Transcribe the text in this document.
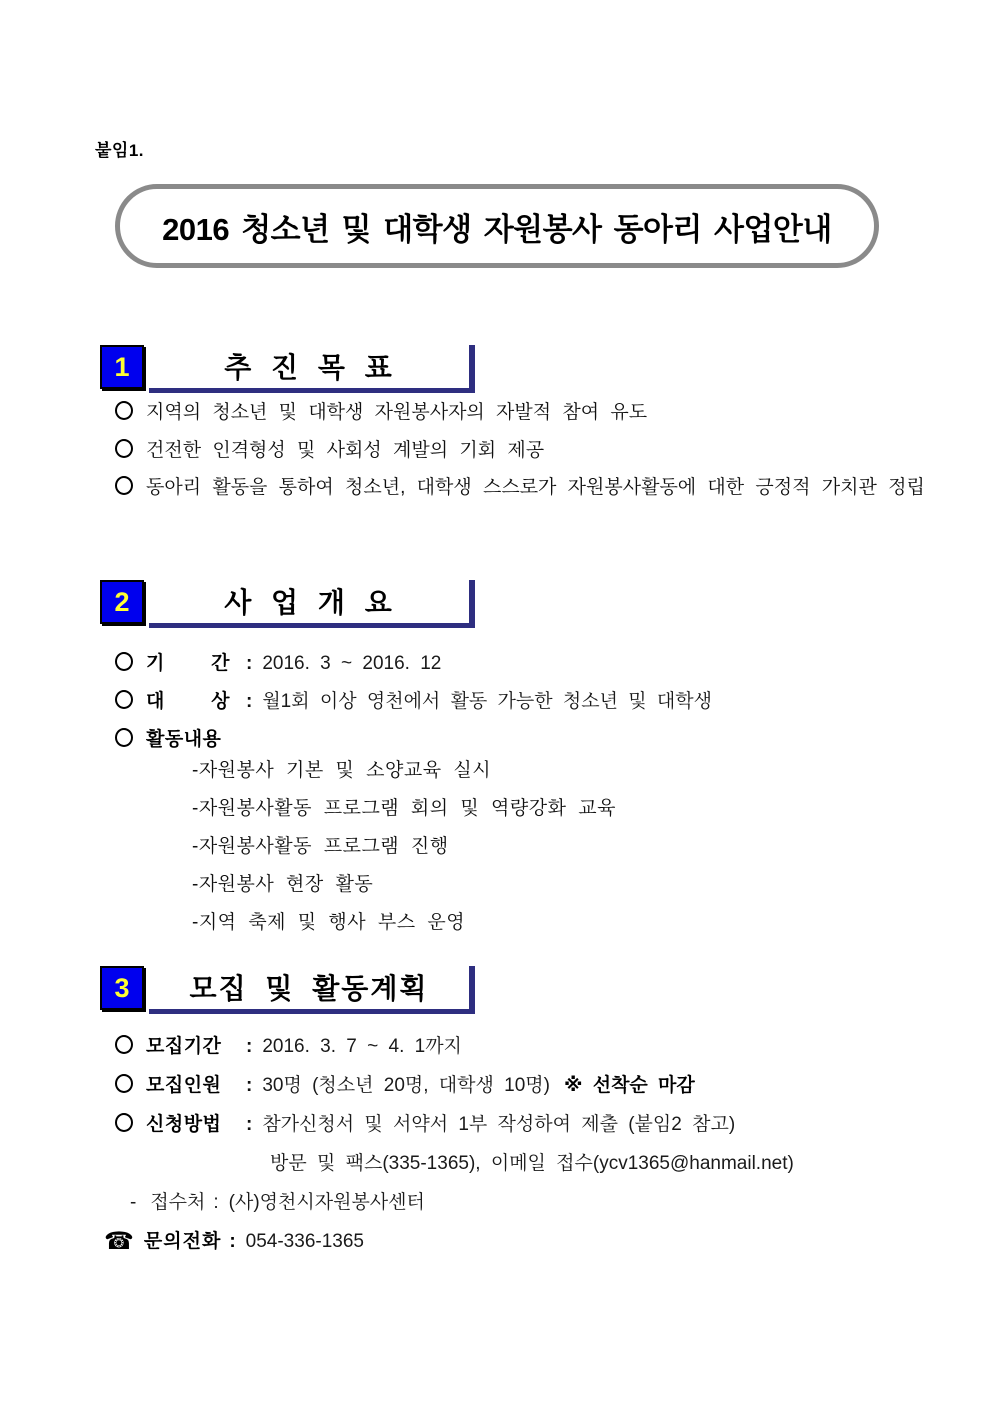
붙임1.
2016 청소년 및 대학생 자원봉사 동아리 사업안내
1	추 진 목 표
지역의 청소년 및 대학생 자원봉사자의 자발적 참여 유도
건전한 인격형성 및 사회성 계발의 기회 제공
동아리 활동을 통하여 청소년, 대학생 스스로가 자원봉사활동에 대한 긍정적 가치관 정립
2	사 업 개 요
기        간 : 2016. 3 ~ 2016. 12
대        상 : 월1회 이상 영천에서 활동 가능한 청소년 및 대학생
활동내용
-자원봉사 기본 및 소양교육 실시
-자원봉사활동 프로그램 회의 및 역량강화 교육
-자원봉사활동 프로그램 진행
-자원봉사 현장 활동
-지역 축제 및 행사 부스 운영
3	모집 및 활동계획
모집기간 : 2016. 3. 7 ~ 4. 1까지
모집인원 : 30명 (청소년 20명, 대학생 10명) ※ 선착순 마감
신청방법 : 참가신청서 및 서약서 1부 작성하여 제출 (붙임2 참고)
방문 및 팩스(335-1365), 이메일 접수(ycv1365@hanmail.net)
- 접수처 : (사)영천시자원봉사센터
☎ 문의전화 : 054-336-1365
